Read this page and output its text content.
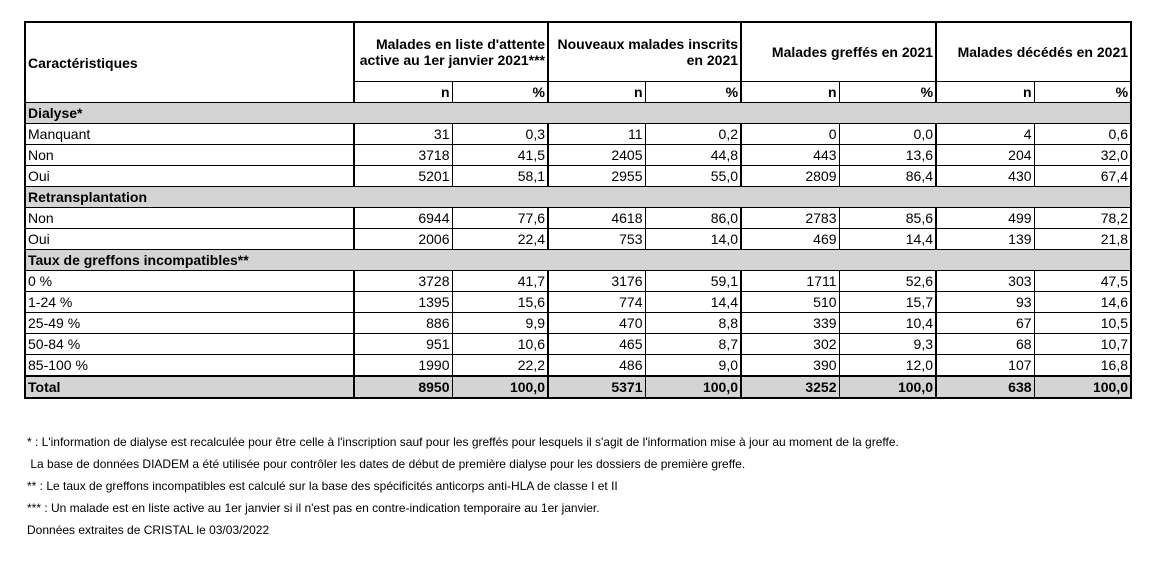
Caractéristiques	Malades en liste d'attente active au 1er janvier 2021***		Nouveaux malades inscrits en 2021		Malades greffés en 2021		Malades décédés en 2021	
	n	%	n	%	n	%	n	%
Dialyse*								
Manquant	31	0,3	11	0,2	0	0,0	4	0,6
Non	3718	41,5	2405	44,8	443	13,6	204	32,0
Oui	5201	58,1	2955	55,0	2809	86,4	430	67,4
Retransplantation								
Non	6944	77,6	4618	86,0	2783	85,6	499	78,2
Oui	2006	22,4	753	14,0	469	14,4	139	21,8
Taux de greffons incompatibles**								
0 %	3728	41,7	3176	59,1	1711	52,6	303	47,5
1-24 %	1395	15,6	774	14,4	510	15,7	93	14,6
25-49 %	886	9,9	470	8,8	339	10,4	67	10,5
50-84 %	951	10,6	465	8,7	302	9,3	68	10,7
85-100 %	1990	22,2	486	9,0	390	12,0	107	16,8
Total	8950	100,0	5371	100,0	3252	100,0	638	100,0
* : L'information de dialyse est recalculée pour être celle à l'inscription sauf pour les greffés pour lesquels il s'agit de l'information mise à jour au moment de la greffe.
La base de données DIADEM a été utilisée pour contrôler les dates de début de première dialyse pour les dossiers de première greffe.
** : Le taux de greffons incompatibles est calculé sur la base des spécificités anticorps anti-HLA de classe I et II
*** : Un malade est en liste active au 1er janvier si il n'est pas en contre-indication temporaire au 1er janvier.
Données extraites de CRISTAL le 03/03/2022
